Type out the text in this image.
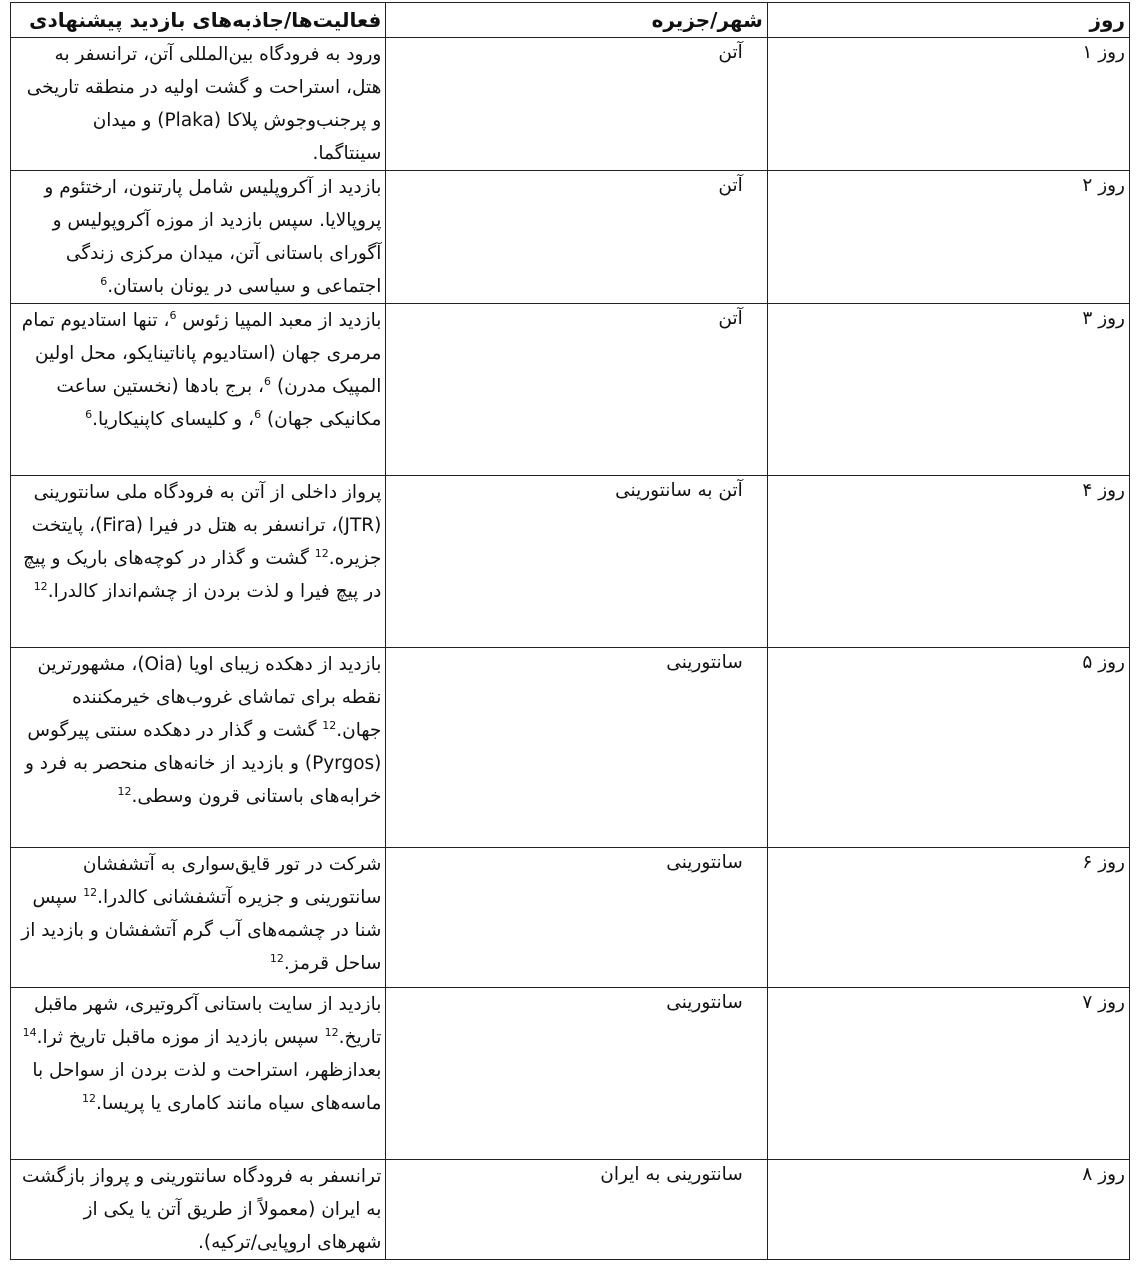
روز	شهر/جزیره	فعالیت‌ها/جاذبه‌های بازدید پیشنهادی
روز ۱	آتن	ورود به فرودگاه بین‌المللی آتن، ترانسفر به هتل، استراحت و گشت اولیه در منطقه تاریخی و پرجنب‌وجوش پلاکا (Plaka) و میدان سینتاگما.
روز ۲	آتن	بازدید از آکروپلیس شامل پارتنون، ارختئوم و پروپالایا. سپس بازدید از موزه آکروپولیس و آگورای باستانی آتن، میدان مرکزی زندگی اجتماعی و سیاسی در یونان باستان.$^6$
روز ۳	آتن	بازدید از معبد المپیا زئوس $^6$، تنها استادیوم تمام مرمری جهان (استادیوم پاناتینایکو، محل اولین المپیک مدرن) $^6$، برج بادها (نخستین ساعت مکانیکی جهان) $^6$، و کلیسای کاپنیکاریا.$^6$
روز ۴	آتن به سانتورینی	پرواز داخلی از آتن به فرودگاه ملی سانتورینی (JTR)، ترانسفر به هتل در فیرا (Fira)، پایتخت جزیره.$^{12}$ گشت و گذار در کوچه‌های باریک و پیچ در پیچ فیرا و لذت بردن از چشم‌انداز کالدرا.$^{12}$
روز ۵	سانتورینی	بازدید از دهکده زیبای اویا (Oia)، مشهورترین نقطه برای تماشای غروب‌های خیرمکننده جهان.$^{12}$ گشت و گذار در دهکده سنتی پیرگوس (Pyrgos) و بازدید از خانه‌های منحصر به فرد و خرابه‌های باستانی قرون وسطی.$^{12}$
روز ۶	سانتورینی	شرکت در تور قایق‌سواری به آتشفشان سانتورینی و جزیره آتشفشانی کالدرا.$^{12}$ سپس شنا در چشمه‌های آب گرم آتشفشان و بازدید از ساحل قرمز.$^{12}$
روز ۷	سانتورینی	بازدید از سایت باستانی آکروتیری، شهر ماقبل تاریخ.$^{12}$ سپس بازدید از موزه ماقبل تاریخ ثرا.$^{14}$ بعدازظهر، استراحت و لذت بردن از سواحل با ماسه‌های سیاه مانند کاماری یا پریسا.$^{12}$
روز ۸	سانتورینی به ایران	ترانسفر به فرودگاه سانتورینی و پرواز بازگشت به ایران (معمولاً از طریق آتن یا یکی از شهرهای اروپایی/ترکیه).
